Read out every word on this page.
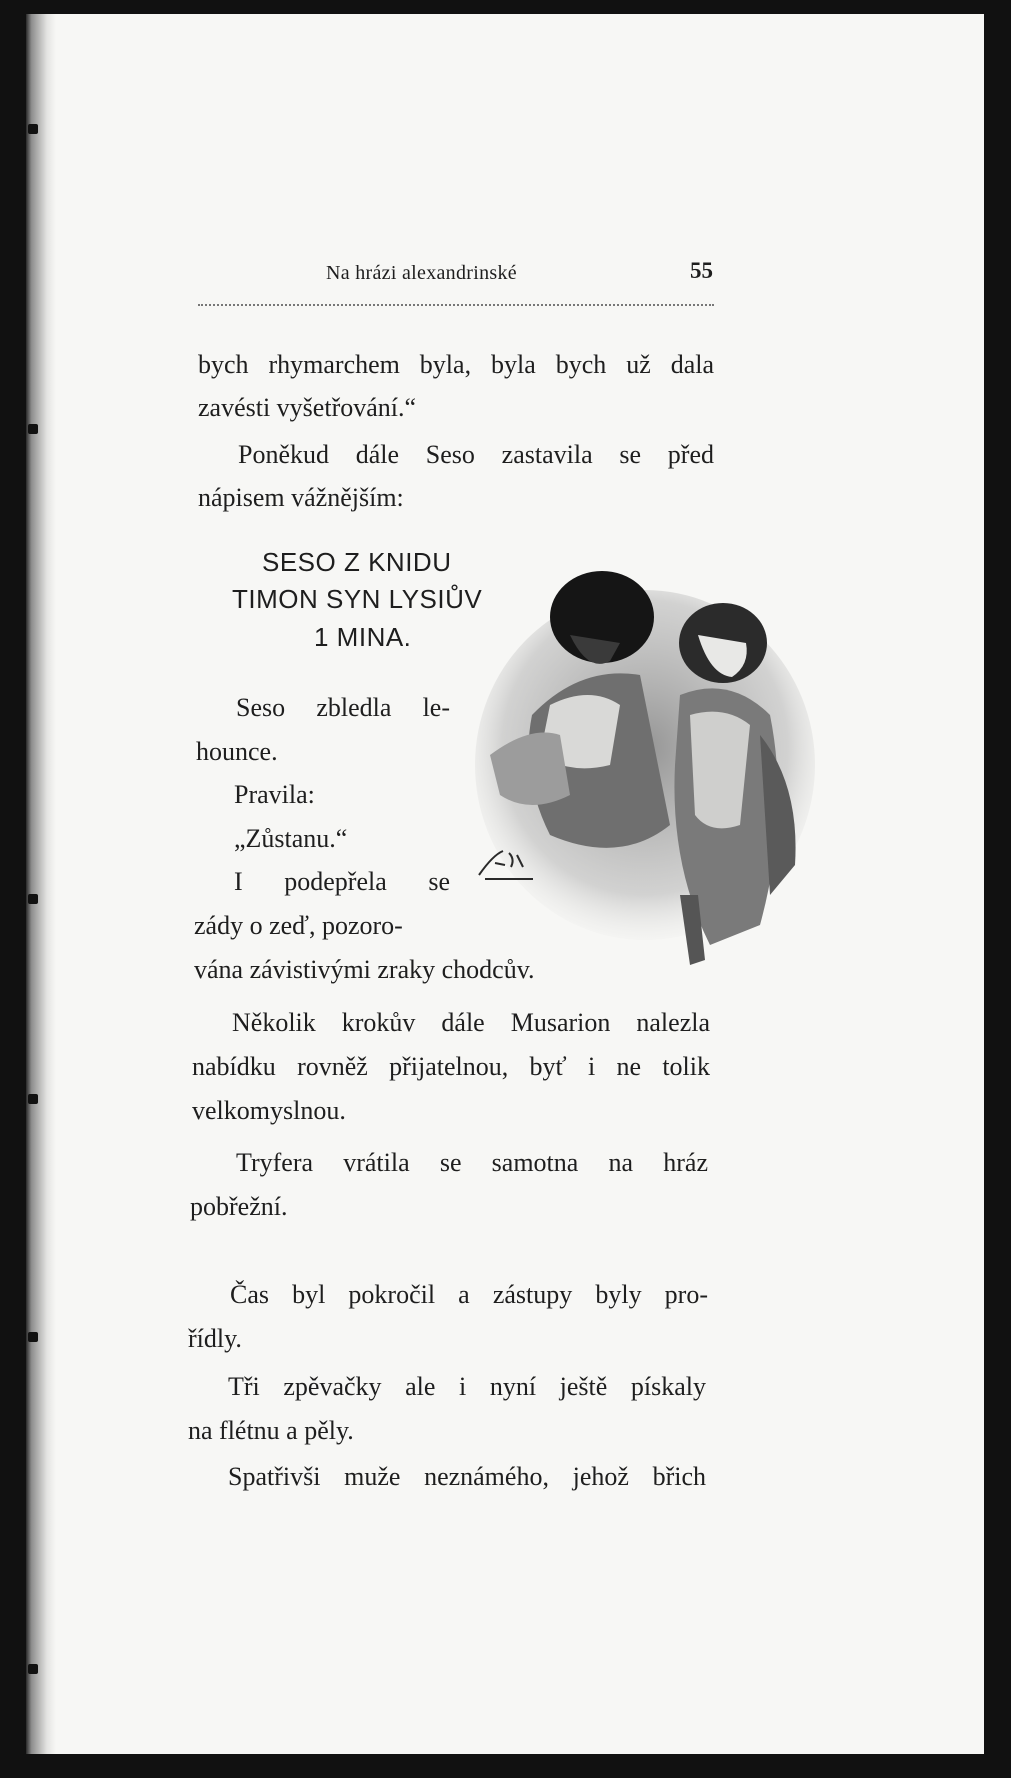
Na hrázi alexandrinské	55
bych rhymarchem byla, byla bych už dala
zavésti vyšetřování.“
Poněkud dále Seso zastavila se před
nápisem vážnějším:
SESO Z KNIDU
TIMON SYN LYSIŮV
1 MINA.
Seso zbledla le-
hounce.
Pravila:
„Zůstanu.“
I podepřela se
zády o zeď, pozoro-
vána závistivými zraky chodcův.
Několik krokův dále Musarion nalezla
nabídku rovněž přijatelnou, byť i ne tolik
velkomyslnou.
Tryfera vrátila se samotna na hráz
pobřežní.
Čas byl pokročil a zástupy byly pro-
řídly.
Tři zpěvačky ale i nyní ještě pískaly
na flétnu a pěly.
Spatřivši muže neznámého, jehož břich
